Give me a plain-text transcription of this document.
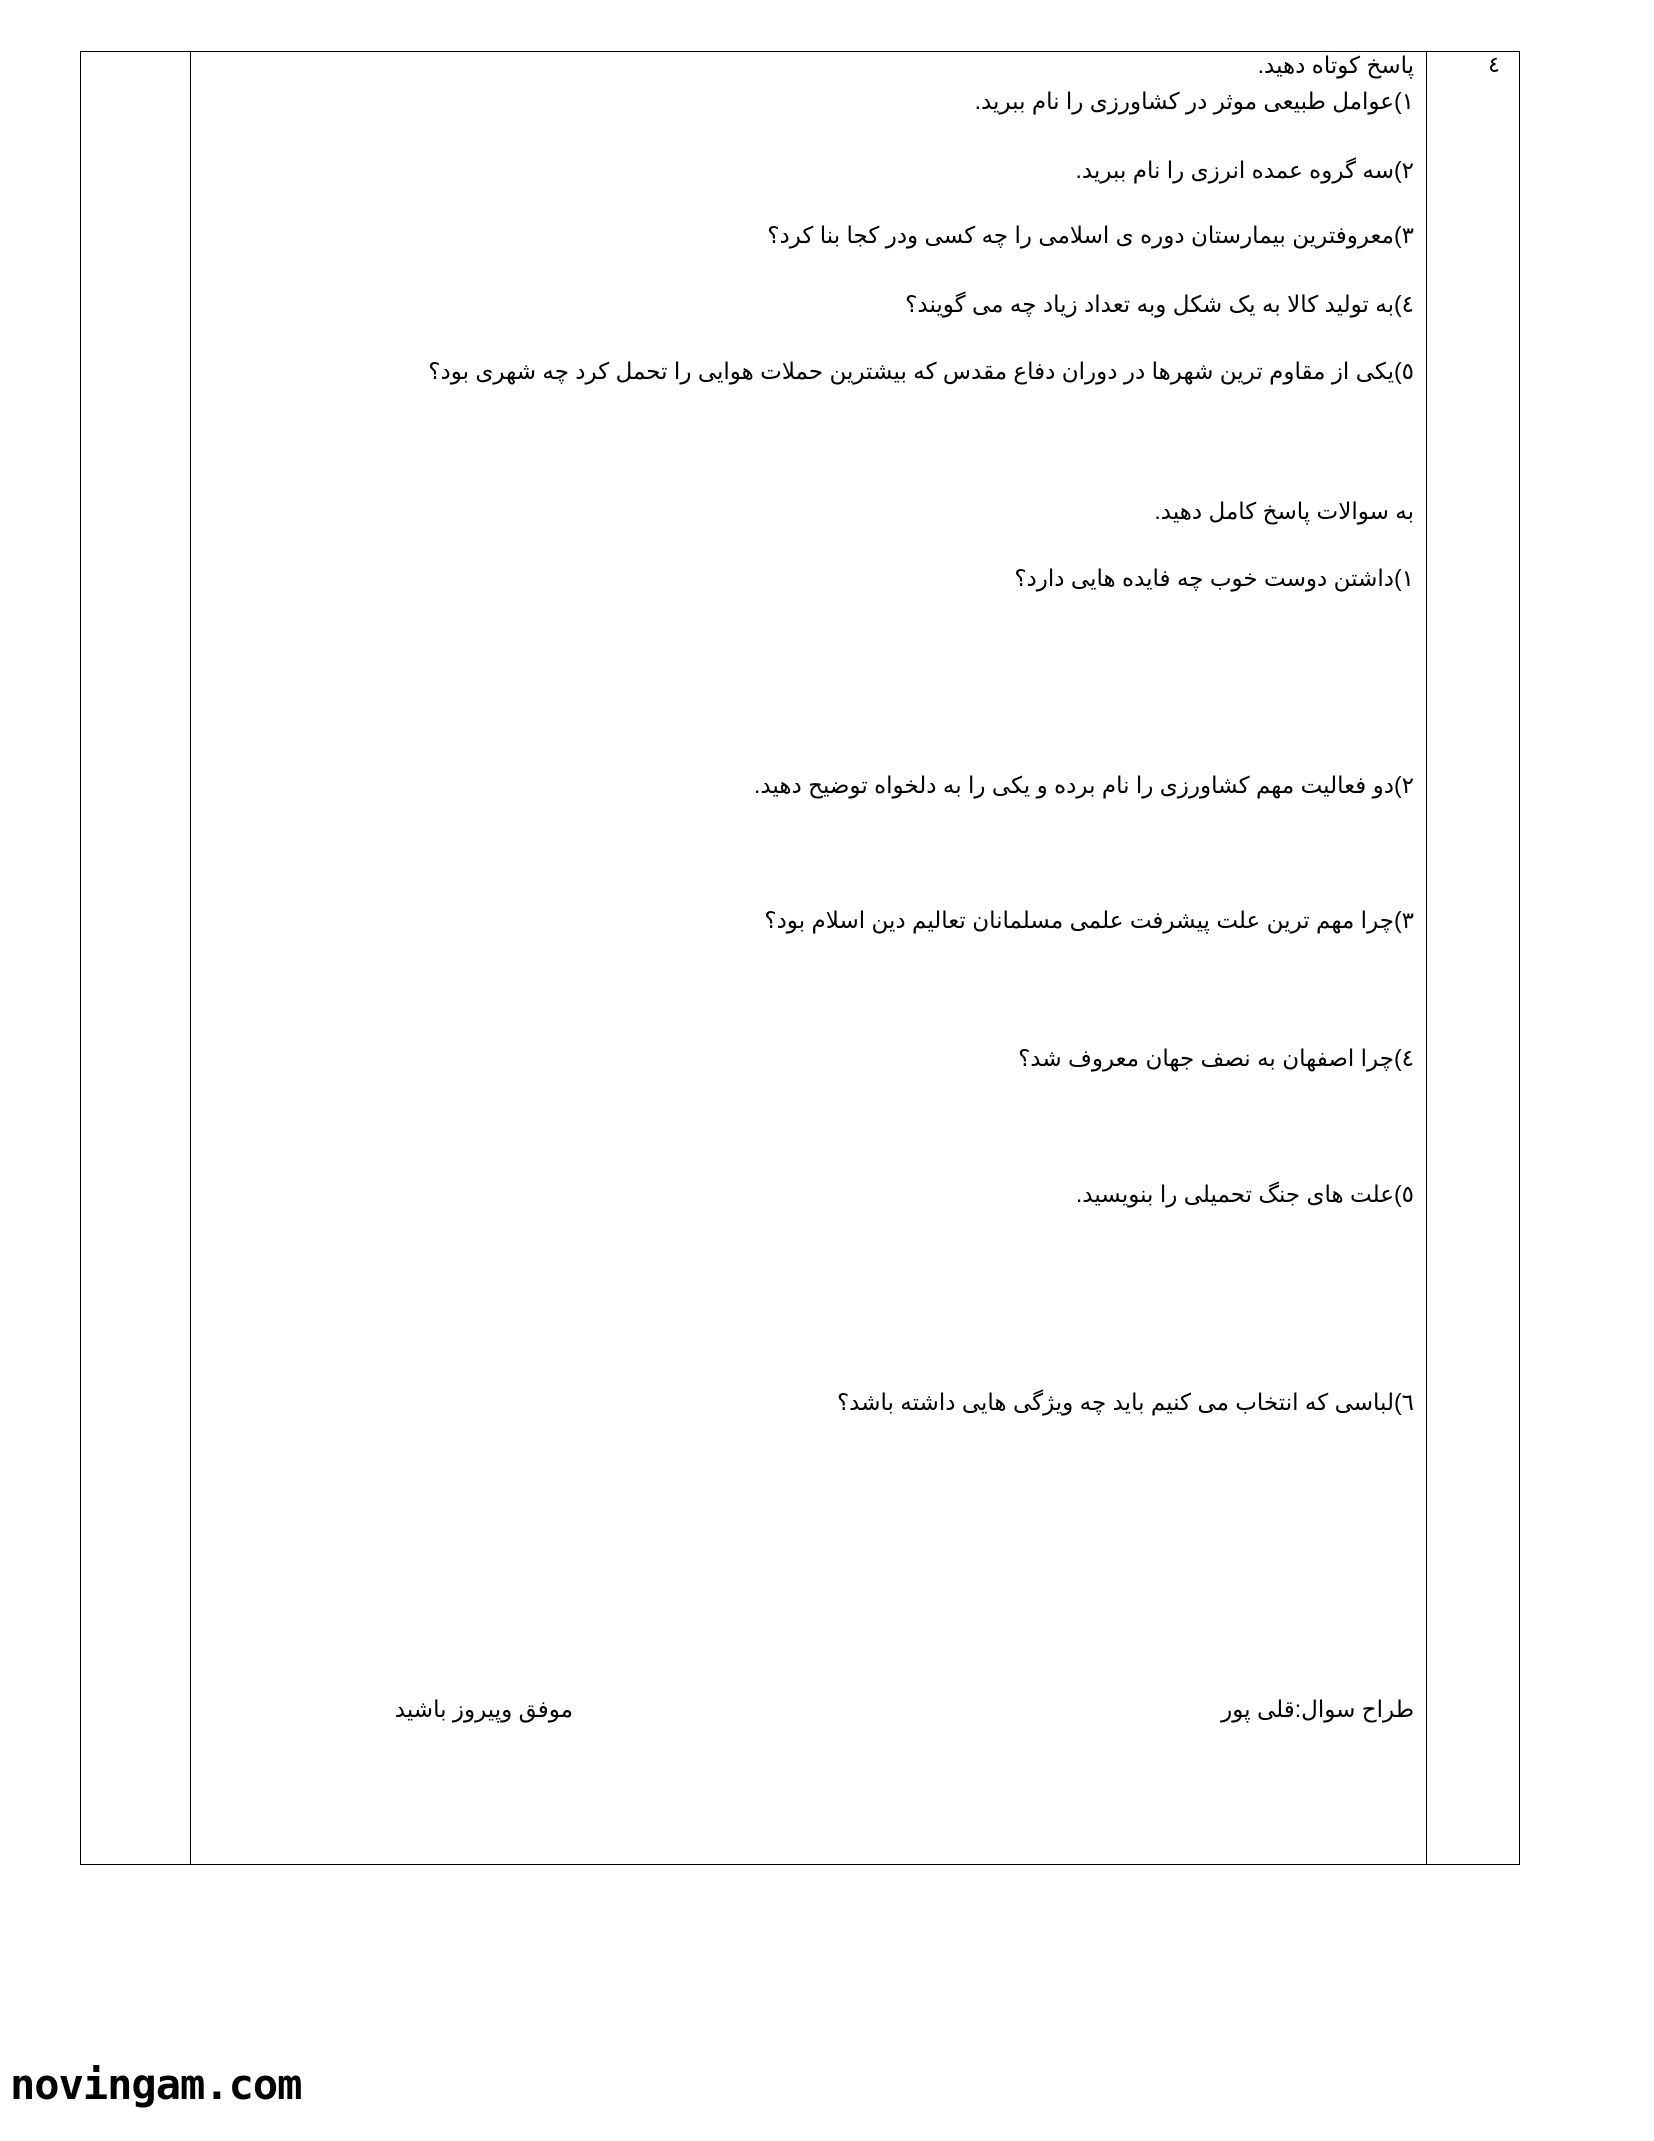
٤
پاسخ کوتاه دهید.
١)عوامل طبیعی موثر در کشاورزی را نام ببرید.
٢)سه گروه عمده انرزی را نام ببرید.
٣)معروفترین بیمارستان دوره ی اسلامی را چه کسی ودر کجا بنا کرد؟
٤)به تولید کالا به یک شکل وبه تعداد زیاد چه می گویند؟
٥)یکی از مقاوم ترین شهرها در دوران دفاع مقدس که بیشترین حملات هوایی را تحمل کرد چه شهری بود؟
به سوالات پاسخ کامل دهید.
١)داشتن دوست خوب چه فایده هایی دارد؟
٢)دو فعالیت مهم کشاورزی را نام برده و یکی را به دلخواه توضیح دهید.
٣)چرا مهم ترین علت پیشرفت علمی مسلمانان تعالیم دین اسلام بود؟
٤)چرا اصفهان به نصف جهان معروف شد؟
٥)علت های جنگ تحمیلی را بنویسید.
٦)لباسی که انتخاب می کنیم باید چه ویژگی هایی داشته باشد؟
طراح سوال:قلی پور
موفق وپیروز باشید
novingam.com
